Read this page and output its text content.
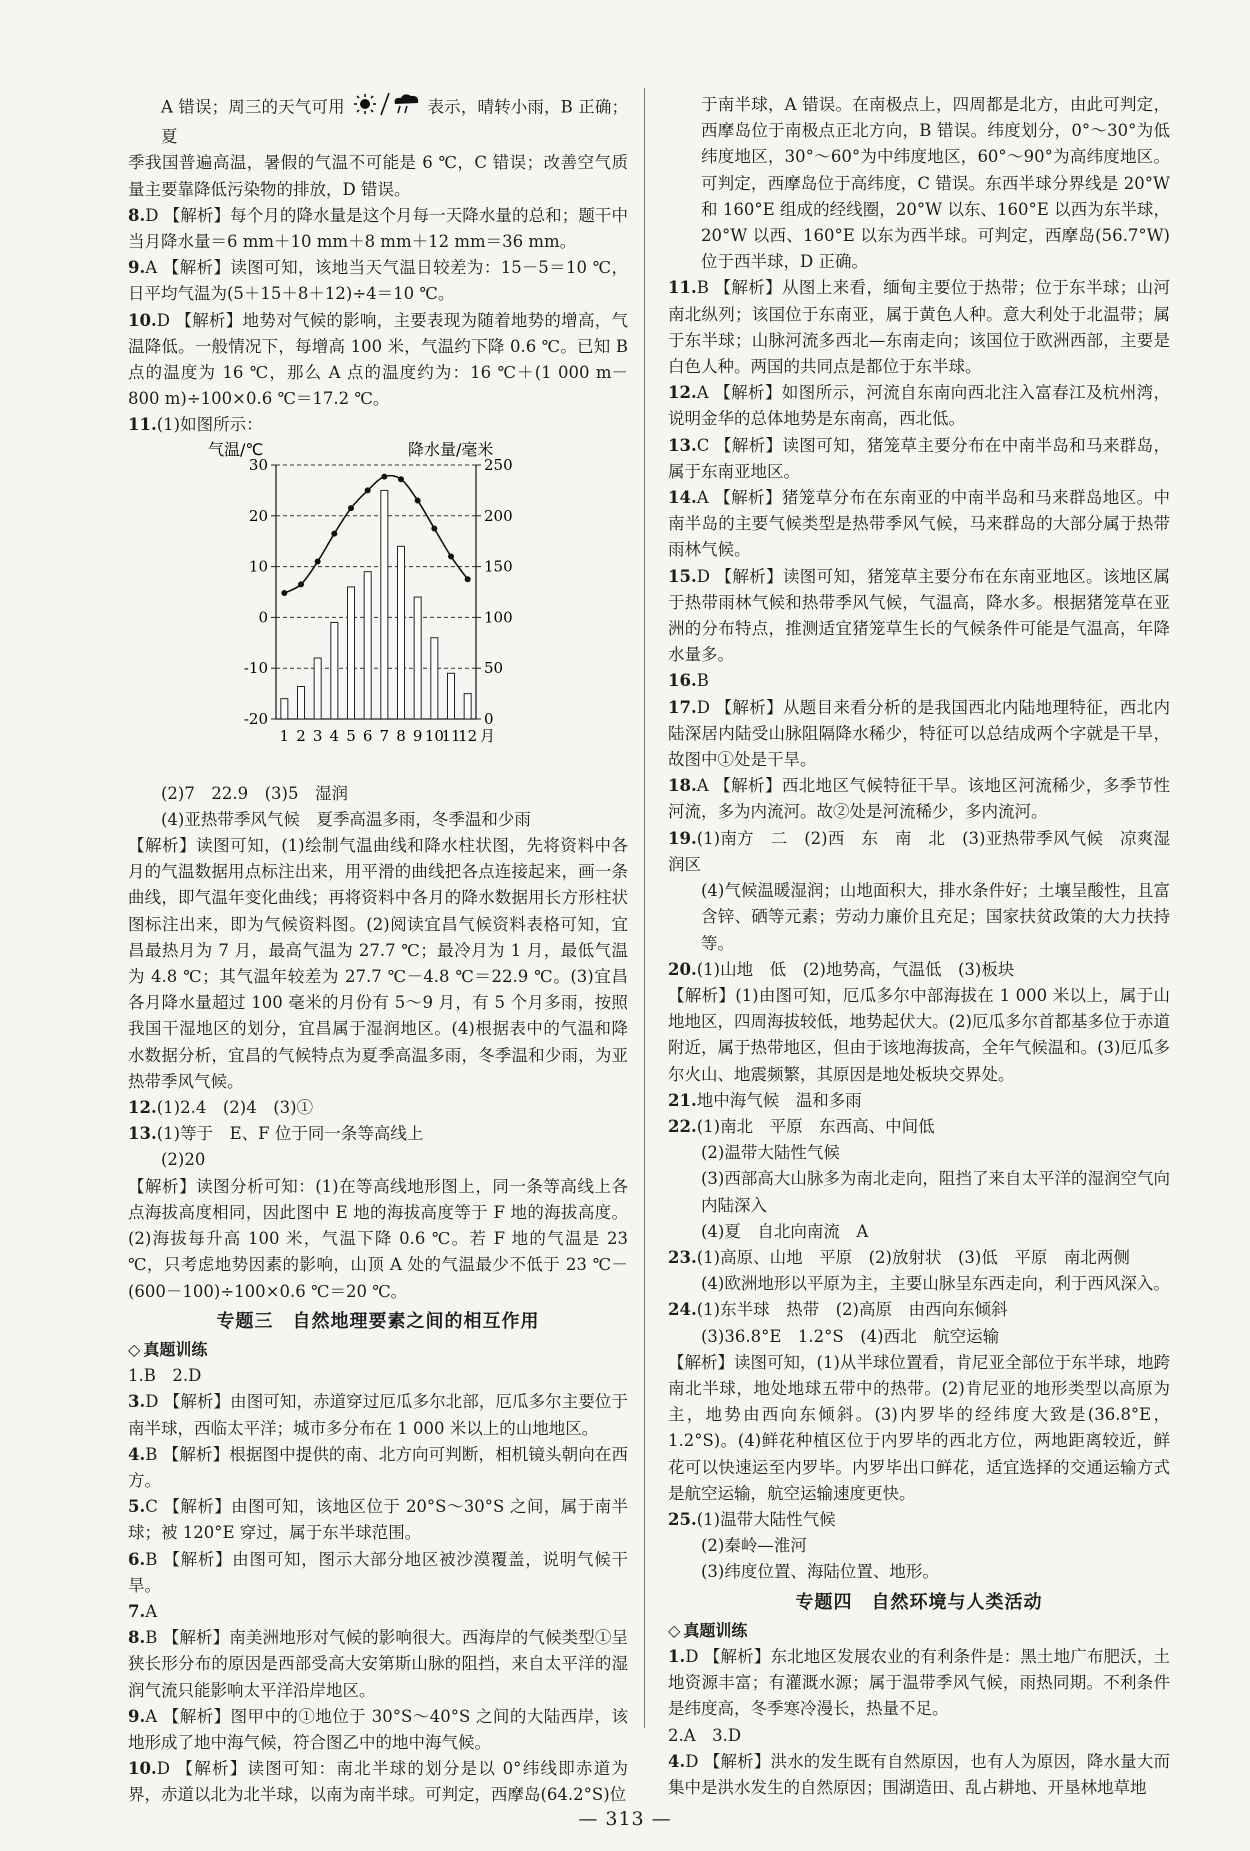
A 错误；周三的天气可用	表示，晴转小雨，B 正确；夏

季我国普遍高温，暑假的气温不可能是 6 ℃，C 错误；改善空气质量主要靠降低污染物的排放，D 错误。

8.D 【解析】每个月的降水量是这个月每一天降水量的总和；题干中当月降水量＝6 mm＋10 mm＋8 mm＋12 mm＝36 mm。

9.A 【解析】读图可知，该地当天气温日较差为：15－5＝10 ℃，日平均气温为(5＋15＋8＋12)÷4＝10 ℃。

10.D 【解析】地势对气候的影响，主要表现为随着地势的增高，气温降低。一般情况下，每增高 100 米，气温约下降 0.6 ℃。已知 B 点的温度为 16 ℃，那么 A 点的温度约为：16 ℃＋(1 000 m－800 m)÷100×0.6 ℃＝17.2 ℃。

11.(1)如图所示：

气温/℃	降水量/毫米
30
20
10
0
-10
-20
250
200
150
100
50
0
1 2 3 4 5 6 7 8 9 10
11
12 月

(2)7　22.9　(3)5　湿润

(4)亚热带季风气候　夏季高温多雨，冬季温和少雨

【解析】读图可知，(1)绘制气温曲线和降水柱状图，先将资料中各月的气温数据用点标注出来，用平滑的曲线把各点连接起来，画一条曲线，即气温年变化曲线；再将资料中各月的降水数据用长方形柱状图标注出来，即为气候资料图。(2)阅读宜昌气候资料表格可知，宜昌最热月为 7 月，最高气温为 27.7 ℃；最冷月为 1 月，最低气温为 4.8 ℃；其气温年较差为 27.7 ℃－4.8 ℃＝22.9 ℃。(3)宜昌各月降水量超过 100 毫米的月份有 5～9 月，有 5 个月多雨，按照我国干湿地区的划分，宜昌属于湿润地区。(4)根据表中的气温和降水数据分析，宜昌的气候特点为夏季高温多雨，冬季温和少雨，为亚热带季风气候。

12.(1)2.4　(2)4　(3)①

13.(1)等于　E、F 位于同一条等高线上

(2)20

【解析】读图分析可知：(1)在等高线地形图上，同一条等高线上各点海拔高度相同，因此图中 E 地的海拔高度等于 F 地的海拔高度。(2)海拔每升高 100 米，气温下降 0.6 ℃。若 F 地的气温是 23 ℃，只考虑地势因素的影响，山顶 A 处的气温最少不低于 23 ℃－(600－100)÷100×0.6 ℃＝20 ℃。

专题三　自然地理要素之间的相互作用
◇ 真题训练

1.B　2.D

3.D 【解析】由图可知，赤道穿过厄瓜多尔北部，厄瓜多尔主要位于南半球，西临太平洋；城市多分布在 1 000 米以上的山地地区。

4.B 【解析】根据图中提供的南、北方向可判断，相机镜头朝向在西方。

5.C 【解析】由图可知，该地区位于 20°S～30°S 之间，属于南半球；被 120°E 穿过，属于东半球范围。

6.B 【解析】由图可知，图示大部分地区被沙漠覆盖，说明气候干旱。

7.A

8.B 【解析】南美洲地形对气候的影响很大。西海岸的气候类型①呈狭长形分布的原因是西部受高大安第斯山脉的阻挡，来自太平洋的湿润气流只能影响太平洋沿岸地区。

9.A 【解析】图甲中的①地位于 30°S～40°S 之间的大陆西岸，该地形成了地中海气候，符合图乙中的地中海气候。

10.D 【解析】读图可知：南北半球的划分是以 0°纬线即赤道为界，赤道以北为北半球，以南为南半球。可判定，西摩岛(64.2°S)位

于南半球，A 错误。在南极点上，四周都是北方，由此可判定，西摩岛位于南极点正北方向，B 错误。纬度划分，0°～30°为低纬度地区，30°～60°为中纬度地区，60°～90°为高纬度地区。可判定，西摩岛位于高纬度，C 错误。东西半球分界线是 20°W 和 160°E 组成的经线圈，20°W 以东、160°E 以西为东半球，20°W 以西、160°E 以东为西半球。可判定，西摩岛(56.7°W)位于西半球，D 正确。

11.B 【解析】从图上来看，缅甸主要位于热带；位于东半球；山河南北纵列；该国位于东南亚，属于黄色人种。意大利处于北温带；属于东半球；山脉河流多西北—东南走向；该国位于欧洲西部，主要是白色人种。两国的共同点是都位于东半球。

12.A 【解析】如图所示，河流自东南向西北注入富春江及杭州湾，说明金华的总体地势是东南高，西北低。

13.C 【解析】读图可知，猪笼草主要分布在中南半岛和马来群岛，属于东南亚地区。

14.A 【解析】猪笼草分布在东南亚的中南半岛和马来群岛地区。中南半岛的主要气候类型是热带季风气候，马来群岛的大部分属于热带雨林气候。

15.D 【解析】读图可知，猪笼草主要分布在东南亚地区。该地区属于热带雨林气候和热带季风气候，气温高，降水多。根据猪笼草在亚洲的分布特点，推测适宜猪笼草生长的气候条件可能是气温高，年降水量多。

16.B

17.D 【解析】从题目来看分析的是我国西北内陆地理特征，西北内陆深居内陆受山脉阻隔降水稀少，特征可以总结成两个字就是干旱，故图中①处是干旱。

18.A 【解析】西北地区气候特征干旱。该地区河流稀少，多季节性河流，多为内流河。故②处是河流稀少，多内流河。

19.(1)南方　二　(2)西　东　南　北　(3)亚热带季风气候　凉爽湿润区

(4)气候温暖湿润；山地面积大，排水条件好；土壤呈酸性，且富含锌、硒等元素；劳动力廉价且充足；国家扶贫政策的大力扶持等。

20.(1)山地　低　(2)地势高，气温低　(3)板块

【解析】(1)由图可知，厄瓜多尔中部海拔在 1 000 米以上，属于山地地区，四周海拔较低，地势起伏大。(2)厄瓜多尔首都基多位于赤道附近，属于热带地区，但由于该地海拔高，全年气候温和。(3)厄瓜多尔火山、地震频繁，其原因是地处板块交界处。

21.地中海气候　温和多雨

22.(1)南北　平原　东西高、中间低

(2)温带大陆性气候

(3)西部高大山脉多为南北走向，阻挡了来自太平洋的湿润空气向内陆深入

(4)夏　自北向南流　A

23.(1)高原、山地　平原　(2)放射状　(3)低　平原　南北两侧

(4)欧洲地形以平原为主，主要山脉呈东西走向，利于西风深入。

24.(1)东半球　热带　(2)高原　由西向东倾斜

(3)36.8°E　1.2°S　(4)西北　航空运输

【解析】读图可知，(1)从半球位置看，肯尼亚全部位于东半球，地跨南北半球，地处地球五带中的热带。(2)肯尼亚的地形类型以高原为主，地势由西向东倾斜。(3)内罗毕的经纬度大致是(36.8°E，1.2°S)。(4)鲜花种植区位于内罗毕的西北方位，两地距离较近，鲜花可以快速运至内罗毕。内罗毕出口鲜花，适宜选择的交通运输方式是航空运输，航空运输速度更快。

25.(1)温带大陆性气候

(2)秦岭—淮河

(3)纬度位置、海陆位置、地形。

专题四　自然环境与人类活动
◇ 真题训练

1.D 【解析】东北地区发展农业的有利条件是：黑土地广布肥沃，土地资源丰富；有灌溉水源；属于温带季风气候，雨热同期。不利条件是纬度高，冬季寒冷漫长，热量不足。

2.A　3.D

4.D 【解析】洪水的发生既有自然原因，也有人为原因，降水量大而集中是洪水发生的自然原因；围湖造田、乱占耕地、开垦林地草地

— 313 —
